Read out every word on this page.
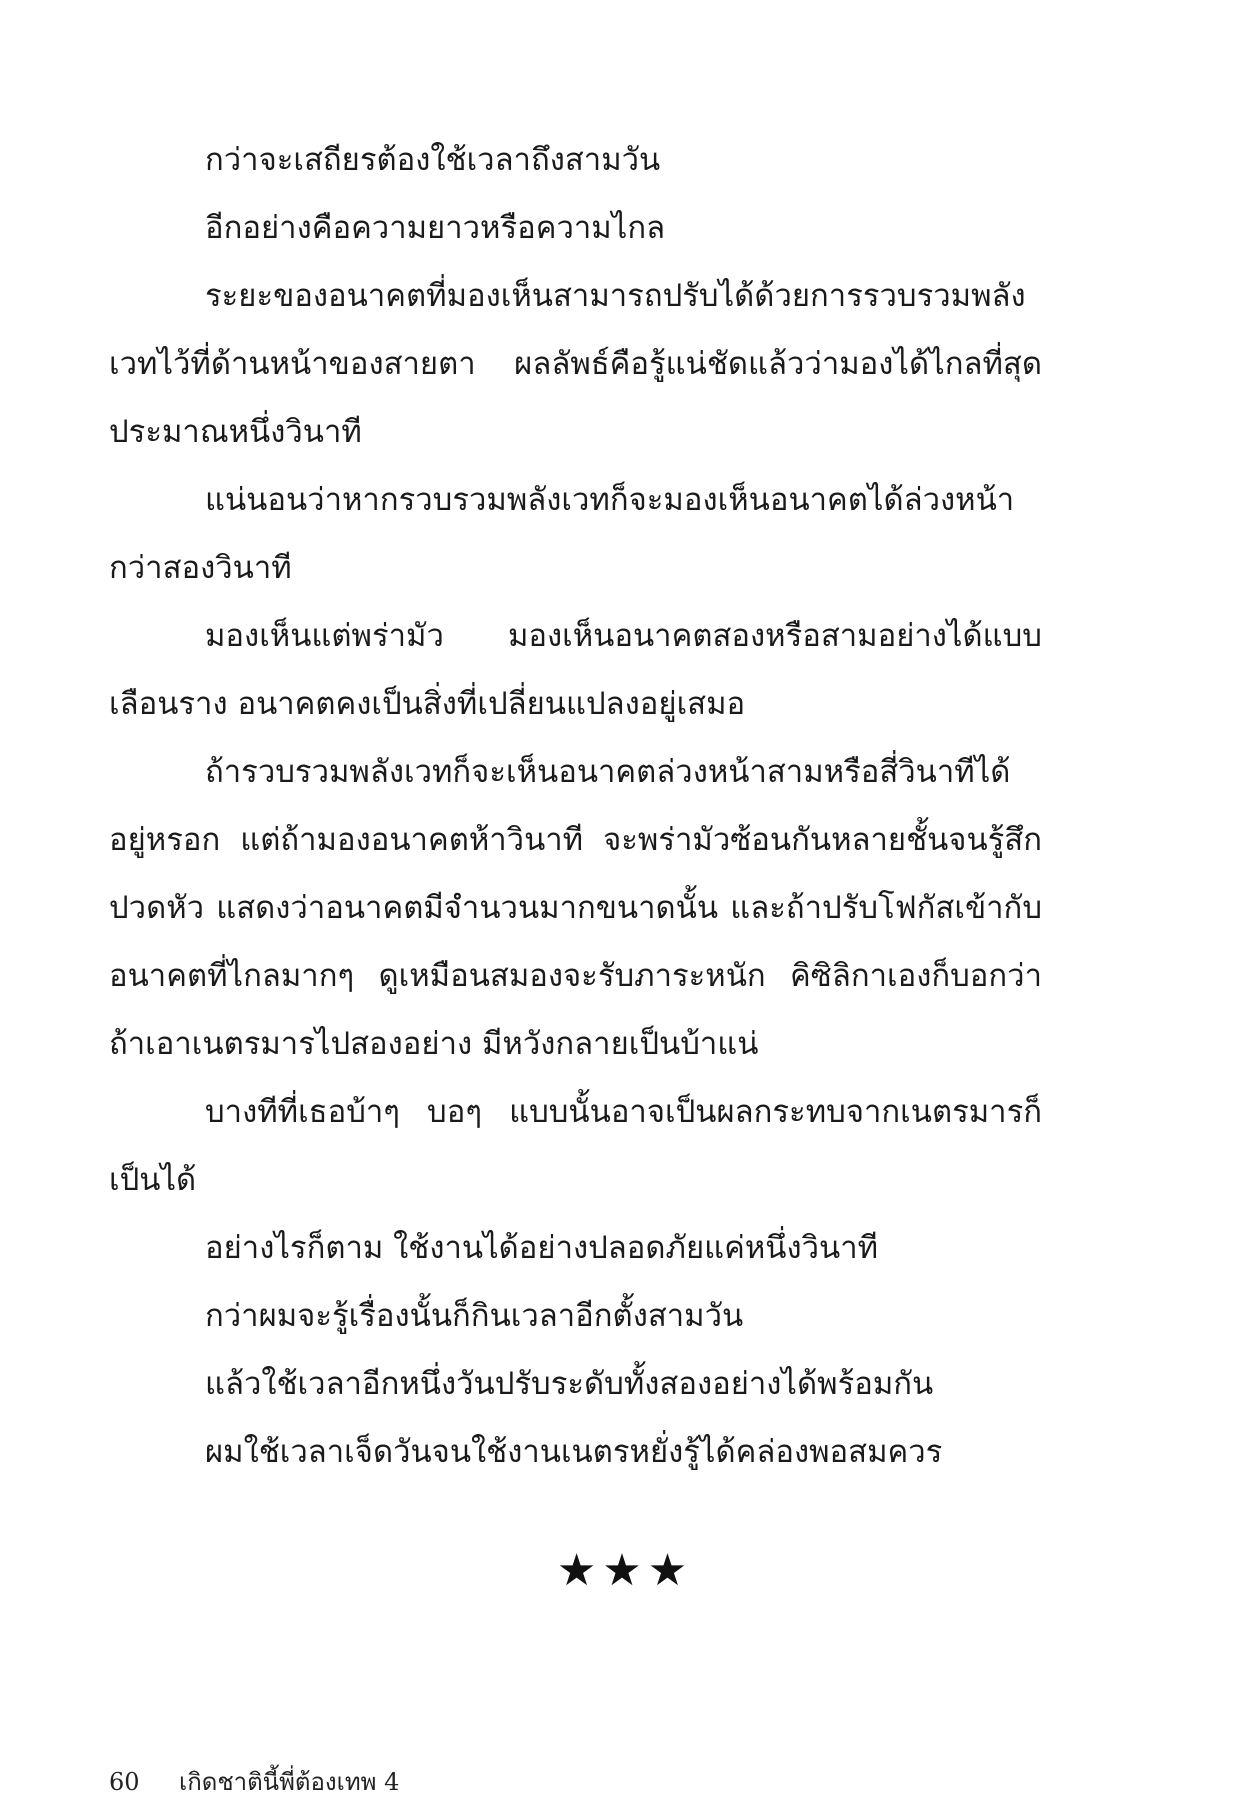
กว่าจะเสถียรต้องใช้เวลาถึงสามวัน
อีกอย่างคือความยาวหรือความไกล
ระยะของอนาคตที่มองเห็นสามารถปรับได้ด้วยการรวบรวมพลัง
เวทไว้ที่ด้านหน้าของสายตา ผลลัพธ์คือรู้แน่ชัดแล้วว่ามองได้ไกลที่สุด
ประมาณหนึ่งวินาที
แน่นอนว่าหากรวบรวมพลังเวทก็จะมองเห็นอนาคตได้ล่วงหน้า
กว่าสองวินาที
มองเห็นแต่พร่ามัว มองเห็นอนาคตสองหรือสามอย่างได้แบบ
เลือนราง อนาคตคงเป็นสิ่งที่เปลี่ยนแปลงอยู่เสมอ
ถ้ารวบรวมพลังเวทก็จะเห็นอนาคตล่วงหน้าสามหรือสี่วินาทีได้
อยู่หรอก แต่ถ้ามองอนาคตห้าวินาที จะพร่ามัวซ้อนกันหลายชั้นจนรู้สึก
ปวดหัว แสดงว่าอนาคตมีจำนวนมากขนาดนั้น และถ้าปรับโฟกัสเข้ากับ
อนาคตที่ไกลมากๆ ดูเหมือนสมองจะรับภาระหนัก คิซิลิกาเองก็บอกว่า
ถ้าเอาเนตรมารไปสองอย่าง มีหวังกลายเป็นบ้าแน่
บางทีที่เธอบ้าๆ บอๆ แบบนั้นอาจเป็นผลกระทบจากเนตรมารก็
เป็นได้
อย่างไรก็ตาม ใช้งานได้อย่างปลอดภัยแค่หนึ่งวินาที
กว่าผมจะรู้เรื่องนั้นก็กินเวลาอีกตั้งสามวัน
แล้วใช้เวลาอีกหนึ่งวันปรับระดับทั้งสองอย่างได้พร้อมกัน
ผมใช้เวลาเจ็ดวันจนใช้งานเนตรหยั่งรู้ได้คล่องพอสมควร
★★★
60 เกิดชาตินี้พี่ต้องเทพ 4
